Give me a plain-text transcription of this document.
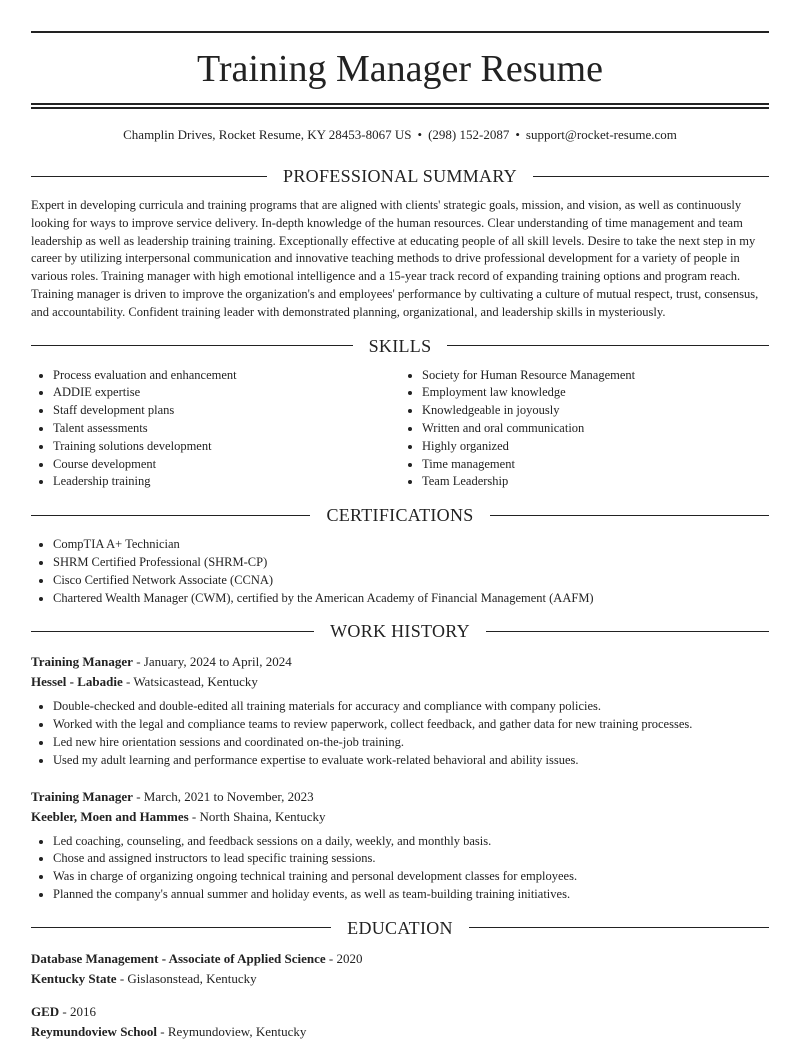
Training Manager Resume
Champlin Drives, Rocket Resume, KY 28453-8067 US • (298) 152-2087 • support@rocket-resume.com
PROFESSIONAL SUMMARY

Expert in developing curricula and training programs that are aligned with clients' strategic goals, mission, and vision, as well as continuously looking for ways to improve service delivery. In-depth knowledge of the human resources. Clear understanding of time management and team leadership as well as leadership training training. Exceptionally effective at educating people of all skill levels. Desire to take the next step in my career by utilizing interpersonal communication and innovative teaching methods to drive professional development for a variety of people in various roles. Training manager with high emotional intelligence and a 15-year track record of expanding training options and program reach. Training manager is driven to improve the organization's and employees' performance by cultivating a culture of mutual respect, trust, consensus, and accountability. Confident training leader with demonstrated planning, organizational, and leadership skills in mysteriously.

SKILLS
• Process evaluation and enhancement
• ADDIE expertise
• Staff development plans
• Talent assessments
• Training solutions development
• Course development
• Leadership training
• Society for Human Resource Management
• Employment law knowledge
• Knowledgeable in joyously
• Written and oral communication
• Highly organized
• Time management
• Team Leadership
CERTIFICATIONS
• CompTIA A+ Technician
• SHRM Certified Professional (SHRM-CP)
• Cisco Certified Network Associate (CCNA)
• Chartered Wealth Manager (CWM), certified by the American Academy of Financial Management (AAFM)
WORK HISTORY
Training Manager - January, 2024 to April, 2024
Hessel - Labadie - Watsicastead, Kentucky
• Double-checked and double-edited all training materials for accuracy and compliance with company policies.
• Worked with the legal and compliance teams to review paperwork, collect feedback, and gather data for new training processes.
• Led new hire orientation sessions and coordinated on-the-job training.
• Used my adult learning and performance expertise to evaluate work-related behavioral and ability issues.
Training Manager - March, 2021 to November, 2023
Keebler, Moen and Hammes - North Shaina, Kentucky
• Led coaching, counseling, and feedback sessions on a daily, weekly, and monthly basis.
• Chose and assigned instructors to lead specific training sessions.
• Was in charge of organizing ongoing technical training and personal development classes for employees.
• Planned the company's annual summer and holiday events, as well as team-building training initiatives.
EDUCATION
Database Management - Associate of Applied Science - 2020
Kentucky State - Gislasonstead, Kentucky
GED - 2016
Reymundoview School - Reymundoview, Kentucky
